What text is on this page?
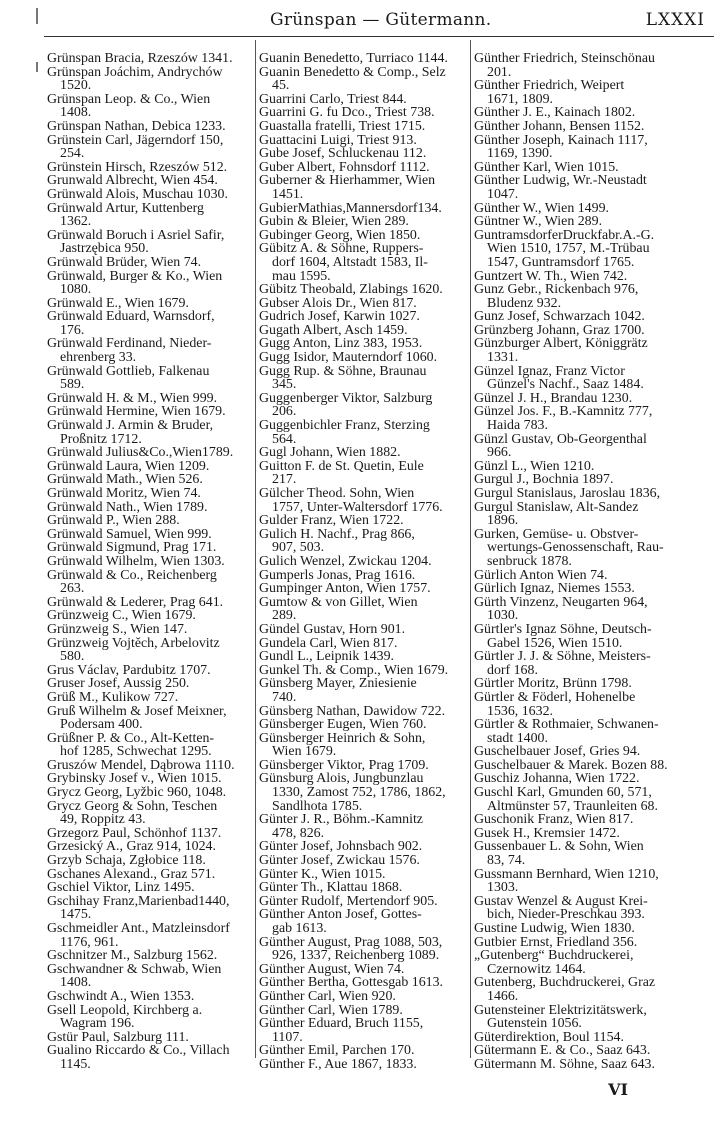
Grünspan — Gütermann.	LXXXI
Grünspan Bracia, Rzeszów 1341.
Grünspan Joáchim, Andrychów
1520.
Grünspan Leop. & Co., Wien
1408.
Grünspan Nathan, Debica 1233.
Grünstein Carl, Jägerndorf 150,
254.
Grünstein Hirsch, Rzeszów 512.
Grunwald Albrecht, Wien 454.
Grünwald Alois, Muschau 1030.
Grünwald Artur, Kuttenberg
1362.
Grünwald Boruch i Asriel Safir,
Jastrzębica 950.
Grünwald Brüder, Wien 74.
Grünwald, Burger & Ko., Wien
1080.
Grünwald E., Wien 1679.
Grünwald Eduard, Warnsdorf,
176.
Grünwald Ferdinand, Nieder-
ehrenberg 33.
Grünwald Gottlieb, Falkenau
589.
Grünwald H. & M., Wien 999.
Grünwald Hermine, Wien 1679.
Grünwald J. Armin & Bruder,
Proßnitz 1712.
Grünwald Julius&Co.,Wien1789.
Grünwald Laura, Wien 1209.
Grünwald Math., Wien 526.
Grünwald Moritz, Wien 74.
Grünwald Nath., Wien 1789.
Grünwald P., Wien 288.
Grünwald Samuel, Wien 999.
Grünwald Sigmund, Prag 171.
Grünwald Wilhelm, Wien 1303.
Grünwald & Co., Reichenberg
263.
Grünwald & Lederer, Prag 641.
Grünzweig C., Wien 1679.
Grünzweig S., Wien 147.
Grünzweig Vojtěch, Arbelovitz
580.
Grus Václav, Pardubitz 1707.
Gruser Josef, Aussig 250.
Grüß M., Kulikow 727.
Gruß Wilhelm & Josef Meixner,
Podersam 400.
Grüßner P. & Co., Alt-Ketten-
hof 1285, Schwechat 1295.
Gruszów Mendel, Dąbrowa 1110.
Grybinsky Josef v., Wien 1015.
Grycz Georg, Lyžbic 960, 1048.
Grycz Georg & Sohn, Teschen
49, Roppitz 43.
Grzegorz Paul, Schönhof 1137.
Grzesický A., Graz 914, 1024.
Grzyb Schaja, Zgłobice 118.
Gschanes Alexand., Graz 571.
Gschiel Viktor, Linz 1495.
Gschihay Franz,Marienbad1440,
1475.
Gschmeidler Ant., Matzleinsdorf
1176, 961.
Gschnitzer M., Salzburg 1562.
Gschwandner & Schwab, Wien
1408.
Gschwindt A., Wien 1353.
Gsell Leopold, Kirchberg a.
Wagram 196.
Gstür Paul, Salzburg 111.
Gualino Riccardo & Co., Villach
1145.
Guanin Benedetto, Turriaco 1144.
Guanin Benedetto & Comp., Selz
45.
Guarrini Carlo, Triest 844.
Guarrini G. fu Dco., Triest 738.
Guastalla fratelli, Triest 1715.
Guattacini Luigi, Triest 913.
Gube Josef, Schluckenau 112.
Guber Albert, Fohnsdorf 1112.
Guberner & Hierhammer, Wien
1451.
GubierMathias,Mannersdorf134.
Gubin & Bleier, Wien 289.
Gubinger Georg, Wien 1850.
Gübitz A. & Söhne, Ruppers-
dorf 1604, Altstadt 1583, Il-
mau 1595.
Gübitz Theobald, Zlabings 1620.
Gubser Alois Dr., Wien 817.
Gudrich Josef, Karwin 1027.
Gugath Albert, Asch 1459.
Gugg Anton, Linz 383, 1953.
Gugg Isidor, Mauterndorf 1060.
Gugg Rup. & Söhne, Braunau
345.
Guggenberger Viktor, Salzburg
206.
Guggenbichler Franz, Sterzing
564.
Gugl Johann, Wien 1882.
Guitton F. de St. Quetin, Eule
217.
Gülcher Theod. Sohn, Wien
1757, Unter-Waltersdorf 1776.
Gulder Franz, Wien 1722.
Gulich H. Nachf., Prag 866,
907, 503.
Gulich Wenzel, Zwickau 1204.
Gumperls Jonas, Prag 1616.
Gumpinger Anton, Wien 1757.
Gumtow & von Gillet, Wien
289.
Gündel Gustav, Horn 901.
Gundela Carl, Wien 817.
Gundl L., Leipnik 1439.
Gunkel Th. & Comp., Wien 1679.
Günsberg Mayer, Zniesienie
740.
Günsberg Nathan, Dawidow 722.
Günsberger Eugen, Wien 760.
Günsberger Heinrich & Sohn,
Wien 1679.
Günsberger Viktor, Prag 1709.
Günsburg Alois, Jungbunzlau
1330, Žamost 752, 1786, 1862,
Sandlhota 1785.
Günter J. R., Böhm.-Kamnitz
478, 826.
Günter Josef, Johnsbach 902.
Günter Josef, Zwickau 1576.
Günter K., Wien 1015.
Günter Th., Klattau 1868.
Günter Rudolf, Mertendorf 905.
Günther Anton Josef, Gottes-
gab 1613.
Günther August, Prag 1088, 503,
926, 1337, Reichenberg 1089.
Günther August, Wien 74.
Günther Bertha, Gottesgab 1613.
Günther Carl, Wien 920.
Günther Carl, Wien 1789.
Günther Eduard, Bruch 1155,
1107.
Günther Emil, Parchen 170.
Günther F., Aue 1867, 1833.
Günther Friedrich, Steinschönau
201.
Günther Friedrich, Weipert
1671, 1809.
Günther J. E., Kainach 1802.
Günther Johann, Bensen 1152.
Günther Joseph, Kainach 1117,
1169, 1390.
Günther Karl, Wien 1015.
Günther Ludwig, Wr.-Neustadt
1047.
Günther W., Wien 1499.
Güntner W., Wien 289.
GuntramsdorferDruckfabr.A.-G.
Wien 1510, 1757, M.-Trübau
1547, Guntramsdorf 1765.
Guntzert W. Th., Wien 742.
Gunz Gebr., Rickenbach 976,
Bludenz 932.
Gunz Josef, Schwarzach 1042.
Grünzberg Johann, Graz 1700.
Günzburger Albert, Königgrätz
1331.
Günzel Ignaz, Franz Victor
Günzel's Nachf., Saaz 1484.
Günzel J. H., Brandau 1230.
Günzel Jos. F., B.-Kamnitz 777,
Haida 783.
Günzl Gustav, Ob-Georgenthal
966.
Günzl L., Wien 1210.
Gurgul J., Bochnia 1897.
Gurgul Stanislaus, Jaroslau 1836,
Gurgul Stanislaw, Alt-Sandez
1896.
Gurken, Gemüse- u. Obstver-
wertungs-Genossenschaft, Rau-
senbruck 1878.
Gürlich Anton Wien 74.
Gürlich Ignaz, Niemes 1553.
Gürth Vinzenz, Neugarten 964,
1030.
Gürtler's Ignaz Söhne, Deutsch-
Gabel 1526, Wien 1510.
Gürtler J. J. & Söhne, Meisters-
dorf 168.
Gürtler Moritz, Brünn 1798.
Gürtler & Föderl, Hohenelbe
1536, 1632.
Gürtler & Rothmaier, Schwanen-
stadt 1400.
Guschelbauer Josef, Gries 94.
Guschelbauer & Marek. Bozen 88.
Guschiz Johanna, Wien 1722.
Guschl Karl, Gmunden 60, 571,
Altmünster 57, Traunleiten 68.
Guschonik Franz, Wien 817.
Gusek H., Kremsier 1472.
Gussenbauer L. & Sohn, Wien
83, 74.
Gussmann Bernhard, Wien 1210,
1303.
Gustav Wenzel & August Krei-
bich, Nieder-Preschkau 393.
Gustine Ludwig, Wien 1830.
Gutbier Ernst, Friedland 356.
„Gutenberg“ Buchdruckerei,
Czernowitz 1464.
Gutenberg, Buchdruckerei, Graz
1466.
Gutensteiner Elektrizitätswerk,
Gutenstein 1056.
Güterdirektion, Boul 1154.
Gütermann E. & Co., Saaz 643.
Gütermann M. Söhne, Saaz 643.
VI
